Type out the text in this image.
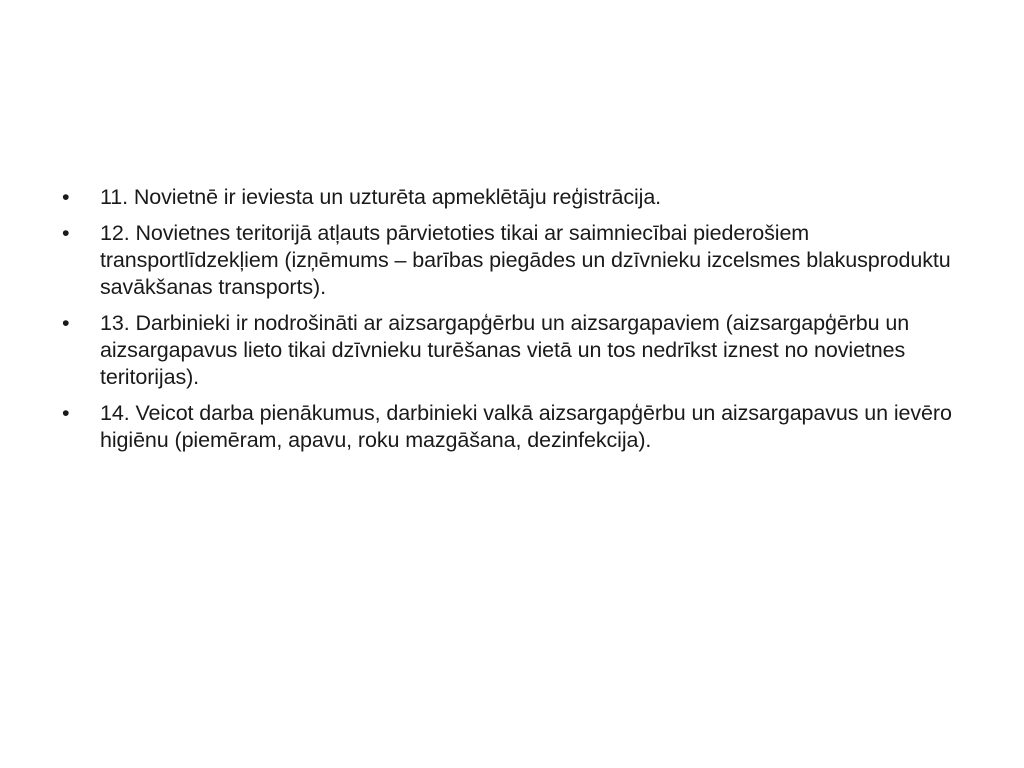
•	11. Novietnē ir ieviesta un uzturēta apmeklētāju reģistrācija.
•	12. Novietnes teritorijā atļauts pārvietoties tikai ar saimniecībai piederošiem transportlīdzekļiem (izņēmums – barības piegādes un dzīvnieku izcelsmes blakusproduktu savākšanas transports).
•	13. Darbinieki ir nodrošināti ar aizsargapģērbu un aizsargapaviem (aizsargapģērbu un aizsargapavus lieto tikai dzīvnieku turēšanas vietā un tos nedrīkst iznest no novietnes teritorijas).
•	14. Veicot darba pienākumus, darbinieki valkā aizsargapģērbu un aizsargapavus un ievēro higiēnu (piemēram, apavu, roku mazgāšana, dezinfekcija).
